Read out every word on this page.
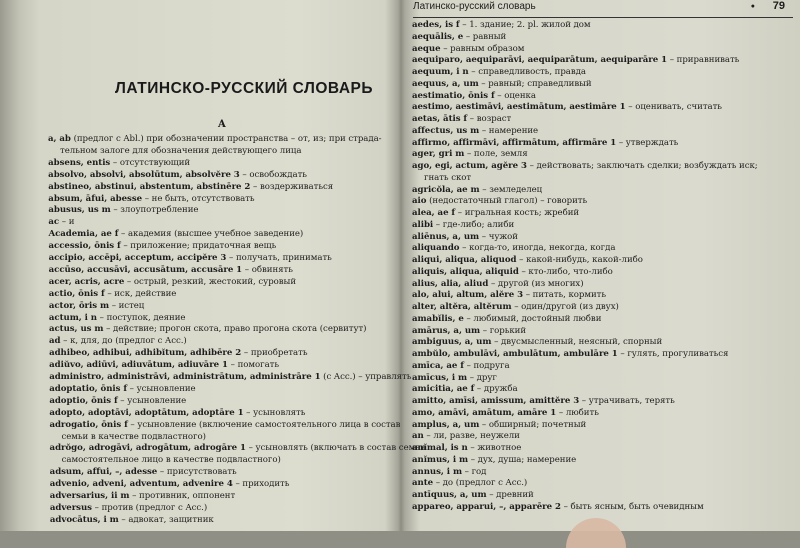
ЛАТИНСКО-РУССКИЙ СЛОВАРЬ
A
a, ab (предлог с Abl.) при обозначении пространства – от, из; при страда-
тельном залоге для обозначения действующего лица
absens, entis – отсутствующий
absolvo, absolvi, absolūtum, absolvĕre 3 – освобождать
abstineo, abstinui, abstentum, abstinēre 2 – воздерживаться
absum, āfui, abesse – не быть, отсутствовать
abusus, us m – злоупотребление
ac – и
Academia, ae f – академия (высшее учебное заведение)
accessio, ōnis f – приложение; придаточная вещь
accipio, accēpi, acceptum, accipĕre 3 – получать, принимать
accūso, accusāvi, accusātum, accusāre 1 – обвинять
acer, acris, acre – острый, резкий, жестокий, суровый
actio, ōnis f – иск, действие
actor, ōris m – истец
actum, i n – поступок, деяние
actus, us m – действие; прогон скота, право прогона скота (сервитут)
ad – к, для, до (предлог с Acc.)
adhibeo, adhibui, adhibĭtum, adhibēre 2 – приобретать
adiŭvo, adiūvi, adiuvātum, adiuvāre 1 – помогать
administro, administrāvi, administrātum, administrāre 1 (с Acc.) – управлять
adoptatio, ōnis f – усыновление
adoptio, ōnis f – усыновление
adopto, adoptāvi, adoptātum, adoptāre 1 – усыновлять
adrogatio, ōnis f – усыновление (включение самостоятельного лица в состав
семьи в качестве подвластного)
adrŏgo, adrogāvi, adrogātum, adrogāre 1 – усыновлять (включать в состав семьи
самостоятельное лицо в качестве подвластного)
adsum, affui, –, adesse – присутствовать
advenio, adveni, adventum, advenire 4 – приходить
adversarius, ii m – противник, оппонент
adversus – против (предлог с Acc.)
advocātus, i m – адвокат, защитник
Латинско-русский словарь	● 79
aedes, is f – 1. здание; 2. pl. жилой дом
aequālis, e – равный
aeque – равным образом
aequiparo, aequiparāvi, aequiparātum, aequiparāre 1 – приравнивать
aequum, i n – справедливость, правда
aequus, a, um – равный; справедливый
aestimatio, ōnis f – оценка
aestimo, aestimāvi, aestimātum, aestimāre 1 – оценивать, считать
aetas, ātis f – возраст
affectus, us m – намерение
affirmo, affirmāvi, affirmātum, affirmāre 1 – утверждать
ager, gri m – поле, земля
ago, egi, actum, agĕre 3 – действовать; заключать сделки; возбуждать иск;
гнать скот
agricŏla, ae m – земледелец
aio (недостаточный глагол) – говорить
alea, ae f – игральная кость; жребий
alibi – где-либо; алиби
aliēnus, a, um – чужой
aliquando – когда-то, иногда, некогда, когда
aliqui, aliqua, aliquod – какой-нибудь, какой-либо
aliquis, aliqua, aliquid – кто-либо, что-либо
alius, alia, aliud – другой (из многих)
alo, alui, altum, alĕre 3 – питать, кормить
alter, altĕra, altĕrum – один/другой (из двух)
amabĭlis, e – любимый, достойный любви
amārus, a, um – горький
ambiguus, a, um – двусмысленный, неясный, спорный
ambŭlo, ambulāvi, ambulātum, ambulāre 1 – гулять, прогуливаться
amīca, ae f – подруга
amīcus, i m – друг
amicitia, ae f – дружба
amitto, amīsi, amissum, amittĕre 3 – утрачивать, терять
amo, amāvi, amātum, amāre 1 – любить
amplus, a, um – обширный; почетный
an – ли, разве, неужели
anĭmal, is n – животное
anĭmus, i m – дух, душа; намерение
annus, i m – год
ante – до (предлог с Acc.)
antīquus, a, um – древний
appareo, apparui, –, apparēre 2 – быть ясным, быть очевидным
